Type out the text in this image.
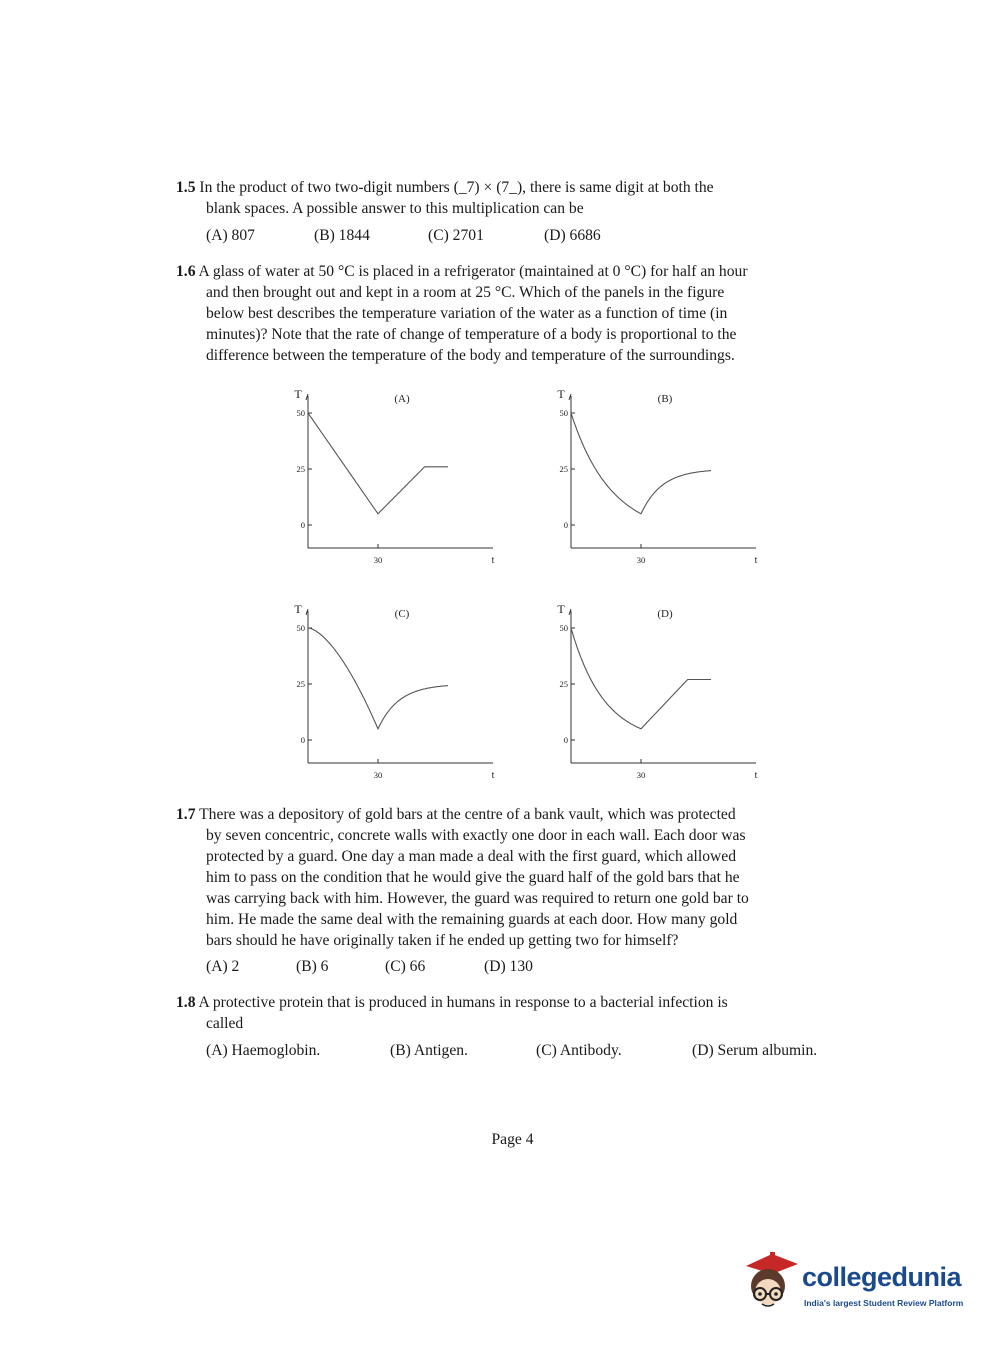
1.5 In the product of two two-digit numbers (_7) × (7_), there is same digit at both the
blank spaces. A possible answer to this multiplication can be
(A) 807	(B) 1844	(C) 2701	(D) 6686
1.6 A glass of water at 50 °C is placed in a refrigerator (maintained at 0 °C) for half an hour
and then brought out and kept in a room at 25 °C. Which of the panels in the figure
below best describes the temperature variation of the water as a function of time (in
minutes)? Note that the rate of change of temperature of a body is proportional to the
difference between the temperature of the body and temperature of the surroundings.
50
25
0
30	t
T	(A)
50
25
0
30	t
T	(B)
50
25
0
30	t
T	(C)
50
25
0
30	t
T	(D)
1.7 There was a depository of gold bars at the centre of a bank vault, which was protected
by seven concentric, concrete walls with exactly one door in each wall. Each door was
protected by a guard. One day a man made a deal with the first guard, which allowed
him to pass on the condition that he would give the guard half of the gold bars that he
was carrying back with him. However, the guard was required to return one gold bar to
him. He made the same deal with the remaining guards at each door. How many gold
bars should he have originally taken if he ended up getting two for himself?
(A) 2	(B) 6	(C) 66	(D) 130
1.8 A protective protein that is produced in humans in response to a bacterial infection is
called
(A) Haemoglobin.	(B) Antigen.	(C) Antibody.	(D) Serum albumin.
Page 4
collegedunia
India's largest Student Review Platform
